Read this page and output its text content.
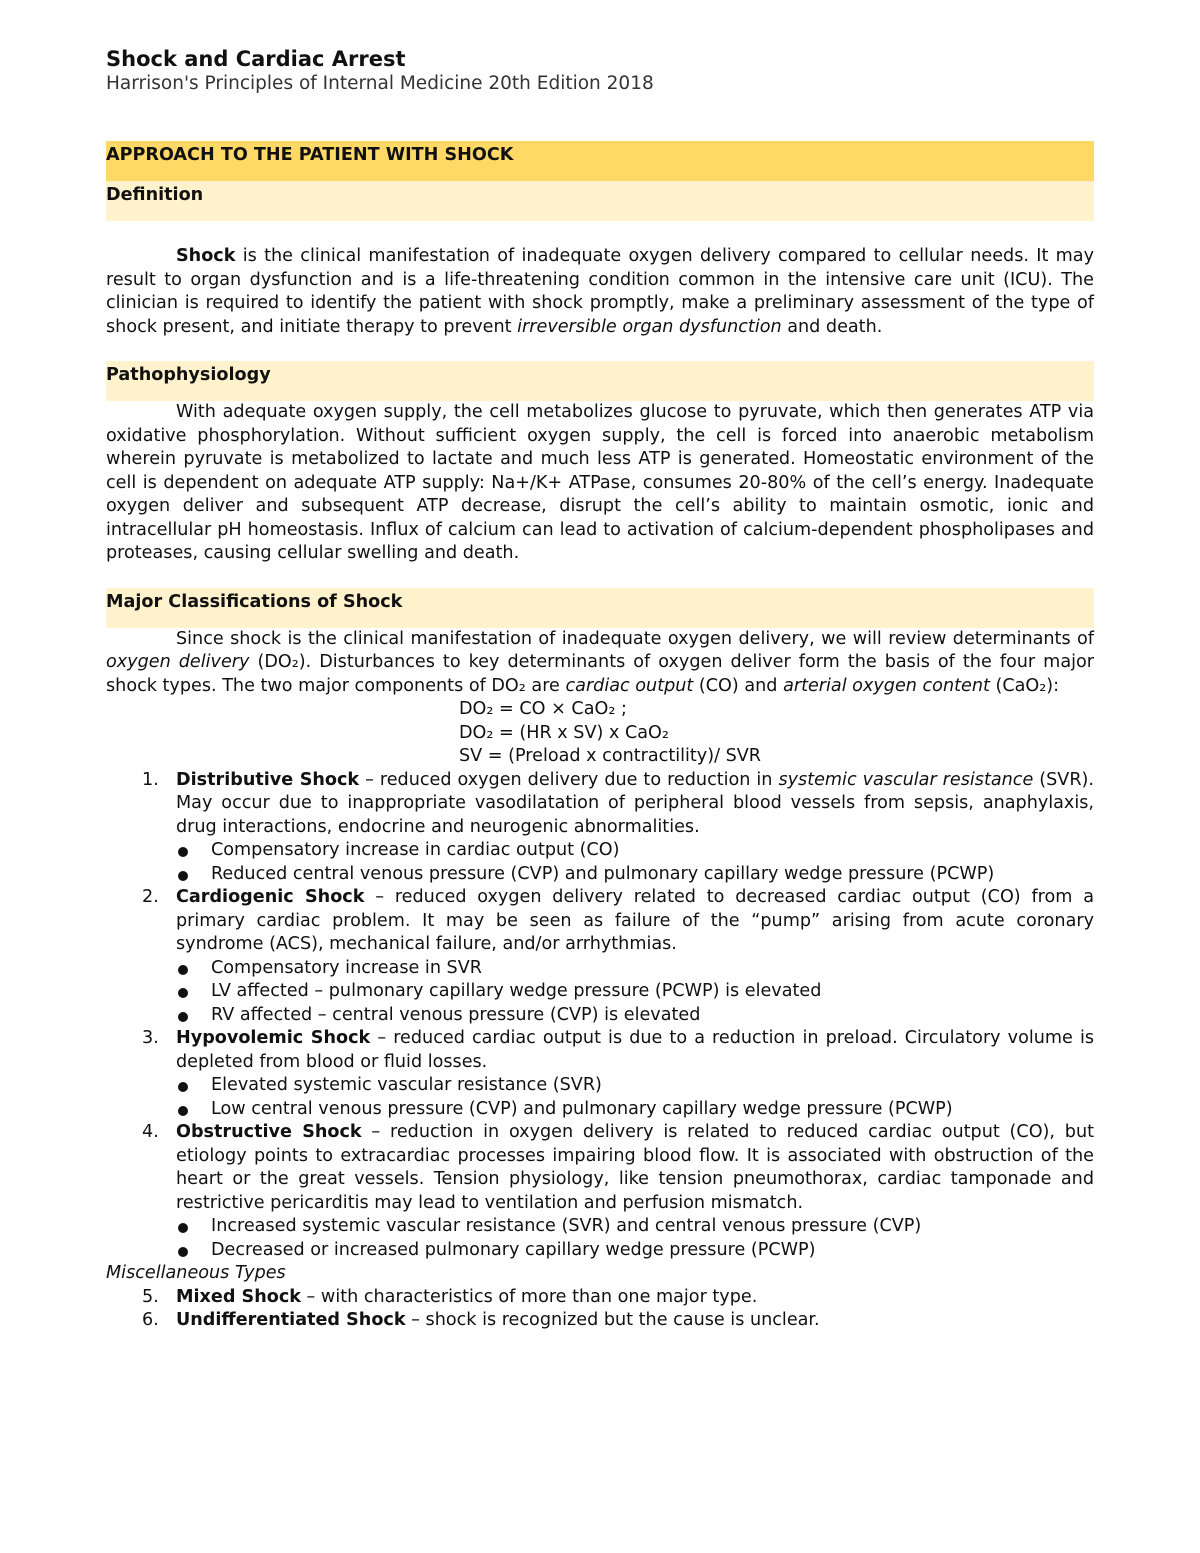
Shock and Cardiac Arrest
Harrison's Principles of Internal Medicine 20th Edition 2018
APPROACH TO THE PATIENT WITH SHOCK
Definition

Shock is the clinical manifestation of inadequate oxygen delivery compared to cellular needs. It may result to organ dysfunction and is a life-threatening condition common in the intensive care unit (ICU). The clinician is required to identify the patient with shock promptly, make a preliminary assessment of the type of shock present, and initiate therapy to prevent irreversible organ dysfunction and death.

Pathophysiology

With adequate oxygen supply, the cell metabolizes glucose to pyruvate, which then generates ATP via oxidative phosphorylation. Without sufficient oxygen supply, the cell is forced into anaerobic metabolism wherein pyruvate is metabolized to lactate and much less ATP is generated. Homeostatic environment of the cell is dependent on adequate ATP supply: Na+/K+ ATPase, consumes 20-80% of the cell’s energy. Inadequate oxygen deliver and subsequent ATP decrease, disrupt the cell’s ability to maintain osmotic, ionic and intracellular pH homeostasis. Influx of calcium can lead to activation of calcium-dependent phospholipases and proteases, causing cellular swelling and death.

Major Classifications of Shock

Since shock is the clinical manifestation of inadequate oxygen delivery, we will review determinants of oxygen delivery (DO₂). Disturbances to key determinants of oxygen deliver form the basis of the four major shock types. The two major components of DO₂ are cardiac output (CO) and arterial oxygen content (CaO₂):

DO₂ = CO × CaO₂ ;
DO₂ = (HR x SV) x CaO₂
SV = (Preload x contractility)/ SVR
1. Distributive Shock – reduced oxygen delivery due to reduction in systemic vascular resistance (SVR). May occur due to inappropriate vasodilatation of peripheral blood vessels from sepsis, anaphylaxis, drug interactions, endocrine and neurogenic abnormalities.
Compensatory increase in cardiac output (CO)
Reduced central venous pressure (CVP) and pulmonary capillary wedge pressure (PCWP)
2. Cardiogenic Shock – reduced oxygen delivery related to decreased cardiac output (CO) from a primary cardiac problem. It may be seen as failure of the “pump” arising from acute coronary syndrome (ACS), mechanical failure, and/or arrhythmias.
Compensatory increase in SVR
LV affected – pulmonary capillary wedge pressure (PCWP) is elevated
RV affected – central venous pressure (CVP) is elevated
3. Hypovolemic Shock – reduced cardiac output is due to a reduction in preload. Circulatory volume is depleted from blood or fluid losses.
Elevated systemic vascular resistance (SVR)
Low central venous pressure (CVP) and pulmonary capillary wedge pressure (PCWP)
4. Obstructive Shock – reduction in oxygen delivery is related to reduced cardiac output (CO), but etiology points to extracardiac processes impairing blood flow. It is associated with obstruction of the heart or the great vessels. Tension physiology, like tension pneumothorax, cardiac tamponade and restrictive pericarditis may lead to ventilation and perfusion mismatch.
Increased systemic vascular resistance (SVR) and central venous pressure (CVP)
Decreased or increased pulmonary capillary wedge pressure (PCWP)
Miscellaneous Types
5. Mixed Shock – with characteristics of more than one major type.
6. Undifferentiated Shock – shock is recognized but the cause is unclear.
